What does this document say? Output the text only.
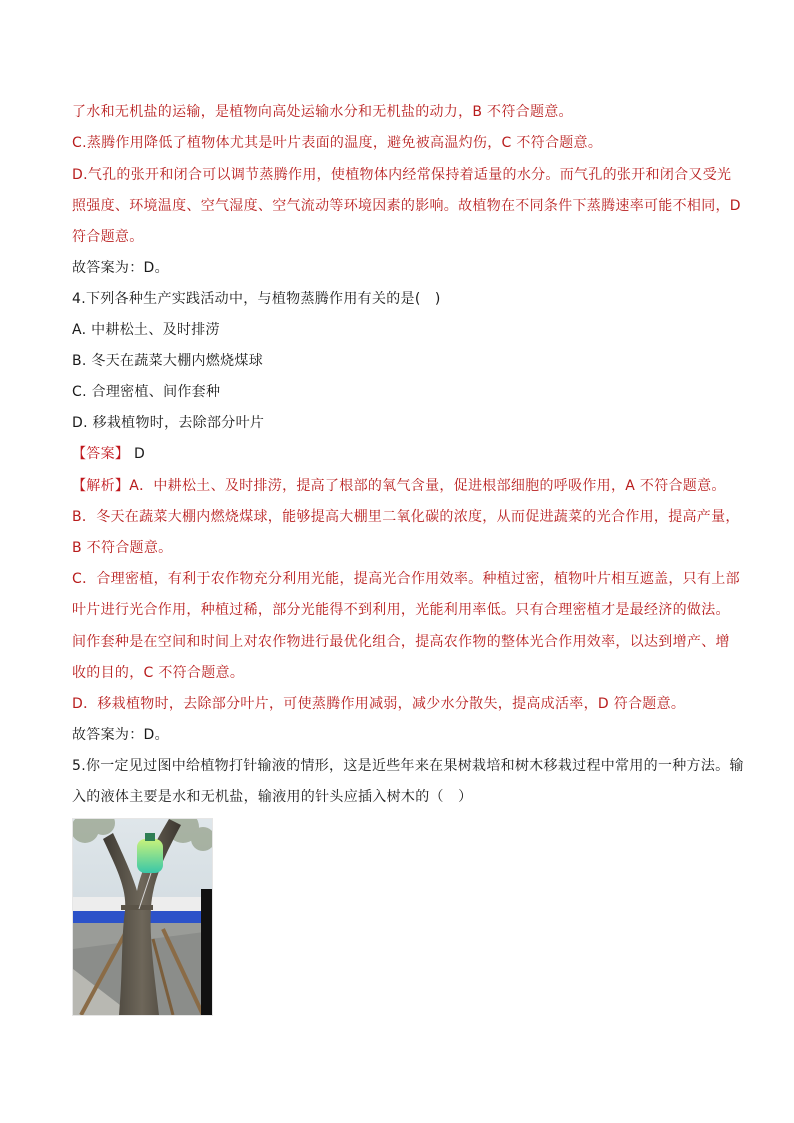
了水和无机盐的运输，是植物向高处运输水分和无机盐的动力，B 不符合题意。
C.蒸腾作用降低了植物体尤其是叶片表面的温度，避免被高温灼伤，C 不符合题意。
D.气孔的张开和闭合可以调节蒸腾作用，使植物体内经常保持着适量的水分。而气孔的张开和闭合又受光
照强度、环境温度、空气湿度、空气流动等环境因素的影响。故植物在不同条件下蒸腾速率可能不相同，D
符合题意。
故答案为：D。
4.下列各种生产实践活动中，与植物蒸腾作用有关的是(　)
A. 中耕松土、及时排涝
B. 冬天在蔬菜大棚内燃烧煤球
C. 合理密植、间作套种
D. 移栽植物时，去除部分叶片
【答案】 D
【解析】A．中耕松土、及时排涝，提高了根部的氧气含量，促进根部细胞的呼吸作用，A 不符合题意。
B．冬天在蔬菜大棚内燃烧煤球，能够提高大棚里二氧化碳的浓度，从而促进蔬菜的光合作用，提高产量，
B 不符合题意。
C．合理密植，有利于农作物充分利用光能，提高光合作用效率。种植过密，植物叶片相互遮盖，只有上部
叶片进行光合作用，种植过稀，部分光能得不到利用，光能利用率低。只有合理密植才是最经济的做法。
间作套种是在空间和时间上对农作物进行最优化组合，提高农作物的整体光合作用效率，以达到增产、增
收的目的，C 不符合题意。
D．移栽植物时，去除部分叶片，可使蒸腾作用减弱，减少水分散失，提高成活率，D 符合题意。
故答案为：D。
5.你一定见过图中给植物打针输液的情形，这是近些年来在果树栽培和树木移栽过程中常用的一种方法。输
入的液体主要是水和无机盐，输液用的针头应插入树木的（　）
